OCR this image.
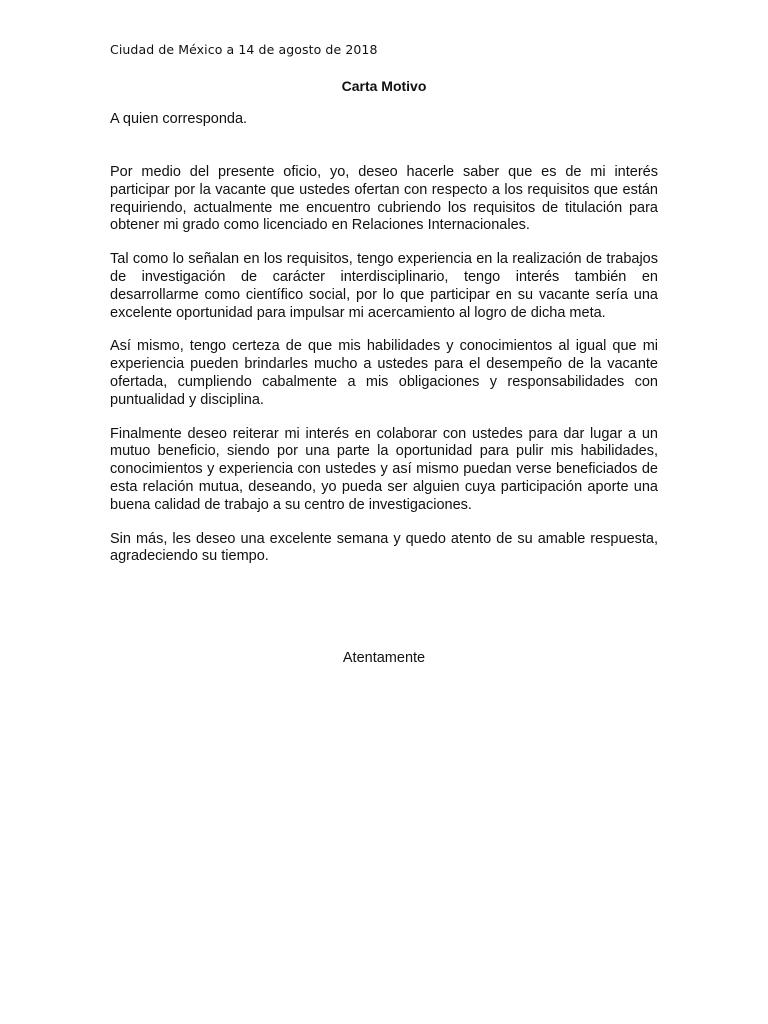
Ciudad de México a 14 de agosto de 2018
Carta Motivo
A quien corresponda.

Por medio del presente oficio, yo, deseo hacerle saber que es de mi interés participar por la vacante que ustedes ofertan con respecto a los requisitos que están requiriendo, actualmente me encuentro cubriendo los requisitos de titulación para obtener mi grado como licenciado en Relaciones Internacionales.

Tal como lo señalan en los requisitos, tengo experiencia en la realización de trabajos de investigación de carácter interdisciplinario, tengo interés también en desarrollarme como científico social, por lo que participar en su vacante sería una excelente oportunidad para impulsar mi acercamiento al logro de dicha meta.

Así mismo, tengo certeza de que mis habilidades y conocimientos al igual que mi experiencia pueden brindarles mucho a ustedes para el desempeño de la vacante ofertada, cumpliendo cabalmente a mis obligaciones y responsabilidades con puntualidad y disciplina.

Finalmente deseo reiterar mi interés en colaborar con ustedes para dar lugar a un mutuo beneficio, siendo por una parte la oportunidad para pulir mis habilidades, conocimientos y experiencia con ustedes y así mismo puedan verse beneficiados de esta relación mutua, deseando, yo pueda ser alguien cuya participación aporte una buena calidad de trabajo a su centro de investigaciones.

Sin más, les deseo una excelente semana y quedo atento de su amable respuesta, agradeciendo su tiempo.

Atentamente
